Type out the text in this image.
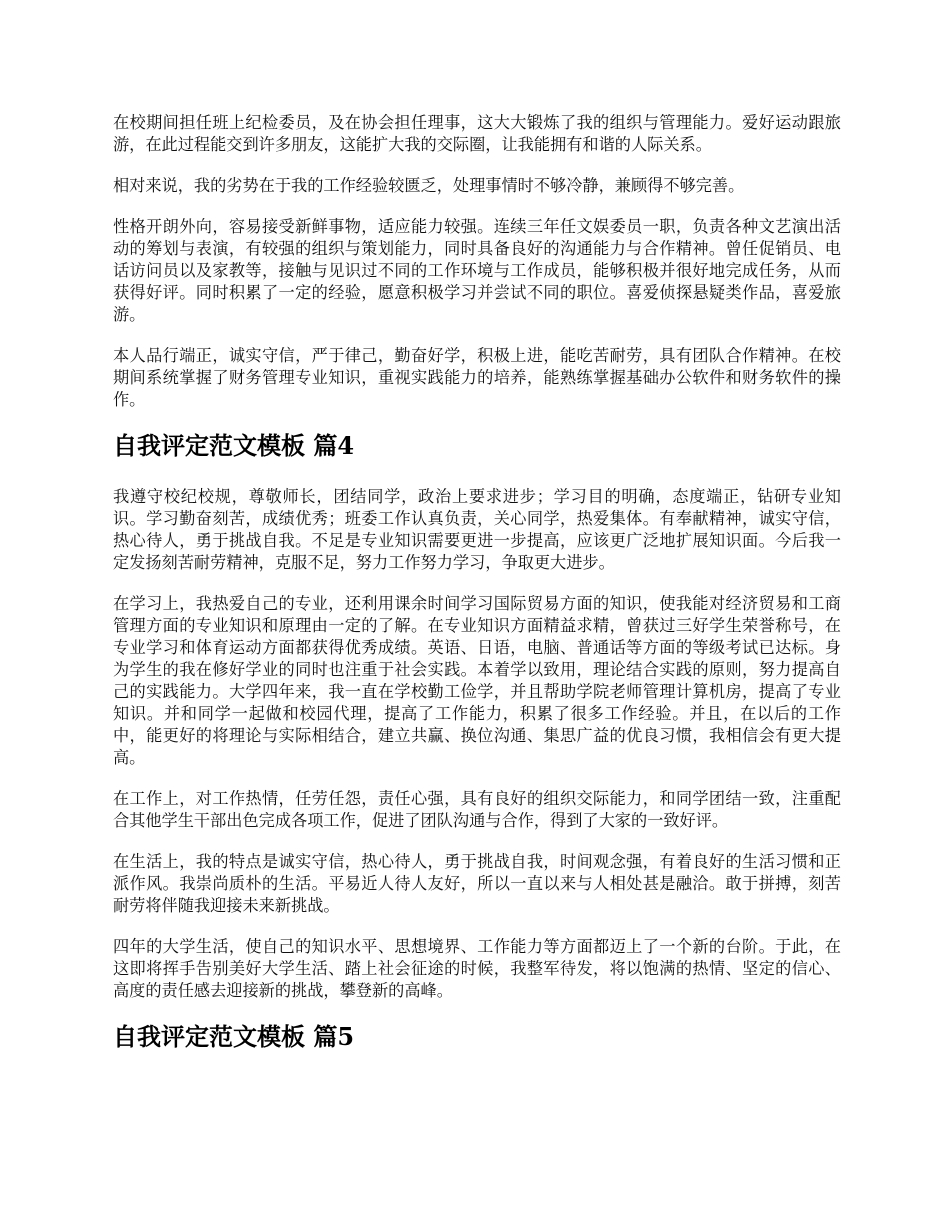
在校期间担任班上纪检委员，及在协会担任理事，这大大锻炼了我的组织与管理能力。爱好运动跟旅游，在此过程能交到许多朋友，这能扩大我的交际圈，让我能拥有和谐的人际关系。

相对来说，我的劣势在于我的工作经验较匮乏，处理事情时不够冷静，兼顾得不够完善。

性格开朗外向，容易接受新鲜事物，适应能力较强。连续三年任文娱委员一职，负责各种文艺演出活动的筹划与表演，有较强的组织与策划能力，同时具备良好的沟通能力与合作精神。曾任促销员、电话访问员以及家教等，接触与见识过不同的工作环境与工作成员，能够积极并很好地完成任务，从而获得好评。同时积累了一定的经验，愿意积极学习并尝试不同的职位。喜爱侦探悬疑类作品，喜爱旅游。

本人品行端正，诚实守信，严于律己，勤奋好学，积极上进，能吃苦耐劳，具有团队合作精神。在校期间系统掌握了财务管理专业知识，重视实践能力的培养，能熟练掌握基础办公软件和财务软件的操作。

自我评定范文模板 篇4

我遵守校纪校规，尊敬师长，团结同学，政治上要求进步；学习目的明确，态度端正，钻研专业知识。学习勤奋刻苦，成绩优秀；班委工作认真负责，关心同学，热爱集体。有奉献精神，诚实守信，热心待人，勇于挑战自我。不足是专业知识需要更进一步提高，应该更广泛地扩展知识面。今后我一定发扬刻苦耐劳精神，克服不足，努力工作努力学习，争取更大进步。

在学习上，我热爱自己的专业，还利用课余时间学习国际贸易方面的知识，使我能对经济贸易和工商管理方面的专业知识和原理由一定的了解。在专业知识方面精益求精，曾获过三好学生荣誉称号，在专业学习和体育运动方面都获得优秀成绩。英语、日语，电脑、普通话等方面的等级考试已达标。身为学生的我在修好学业的同时也注重于社会实践。本着学以致用，理论结合实践的原则，努力提高自己的实践能力。大学四年来，我一直在学校勤工俭学，并且帮助学院老师管理计算机房，提高了专业知识。并和同学一起做和校园代理，提高了工作能力，积累了很多工作经验。并且，在以后的工作中，能更好的将理论与实际相结合，建立共赢、换位沟通、集思广益的优良习惯，我相信会有更大提高。

在工作上，对工作热情，任劳任怨，责任心强，具有良好的组织交际能力，和同学团结一致，注重配合其他学生干部出色完成各项工作，促进了团队沟通与合作，得到了大家的一致好评。

在生活上，我的特点是诚实守信，热心待人，勇于挑战自我，时间观念强，有着良好的生活习惯和正派作风。我崇尚质朴的生活。平易近人待人友好，所以一直以来与人相处甚是融洽。敢于拼搏，刻苦耐劳将伴随我迎接未来新挑战。

四年的大学生活，使自己的知识水平、思想境界、工作能力等方面都迈上了一个新的台阶。于此，在这即将挥手告别美好大学生活、踏上社会征途的时候，我整军待发，将以饱满的热情、坚定的信心、高度的责任感去迎接新的挑战，攀登新的高峰。

自我评定范文模板 篇5
